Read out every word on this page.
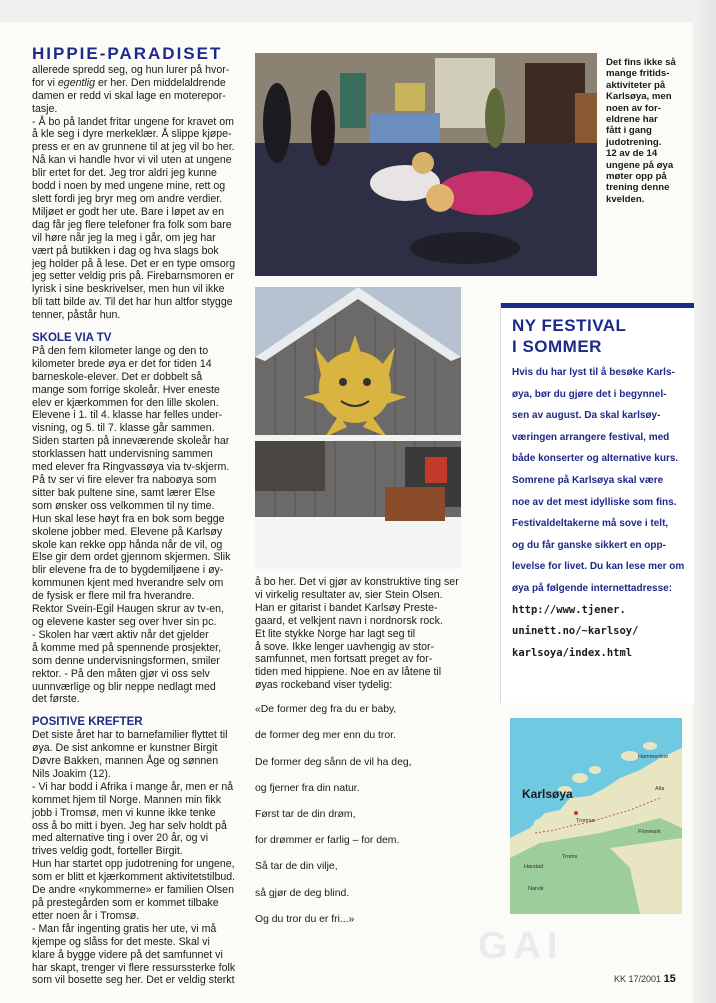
HIPPIE-PARADISET

allerede spredd seg, og hun lurer på hvor-
for vi egentlig er her. Den middelaldrende
damen er redd vi skal lage en moterepor-
tasje.

- Å bo på landet fritar ungene for kravet om
å kle seg i dyre merkeklær. Å slippe kjøpe-
press er en av grunnene til at jeg vil bo her.
Nå kan vi handle hvor vi vil uten at ungene
blir ertet for det. Jeg tror aldri jeg kunne
bodd i noen by med ungene mine, rett og
slett fordi jeg bryr meg om andre verdier.
Miljøet er godt her ute. Bare i løpet av en
dag får jeg flere telefoner fra folk som bare
vil høre når jeg la meg i går, om jeg har
vært på butikken i dag og hva slags bok
jeg holder på å lese. Det er en type omsorg
jeg setter veldig pris på. Firebarnsmoren er
lyrisk i sine beskrivelser, men hun vil ikke
bli tatt bilde av. Til det har hun altfor stygge
tenner, påstår hun.

SKOLE VIA TV

På den fem kilometer lange og den to
kilometer brede øya er det for tiden 14
barneskole-elever. Det er dobbelt så
mange som forrige skoleår. Hver eneste
elev er kjærkommen for den lille skolen.
Elevene i 1. til 4. klasse har felles under-
visning, og 5. til 7. klasse går sammen.
Siden starten på inneværende skoleår har
storklassen hatt undervisning sammen
med elever fra Ringvassøya via tv-skjerm.
På tv ser vi fire elever fra naboøya som
sitter bak pultene sine, samt lærer Else
som ønsker oss velkommen til ny time.
Hun skal lese høyt fra en bok som begge
skolene jobber med. Elevene på Karlsøy
skole kan rekke opp hånda når de vil, og
Else gir dem ordet gjennom skjermen. Slik
blir elevene fra de to bygdemiljøene i øy-
kommunen kjent med hverandre selv om
de fysisk er flere mil fra hverandre.
Rektor Svein-Egil Haugen skrur av tv-en,
og elevene kaster seg over hver sin pc.
- Skolen har vært aktiv når det gjelder
å komme med på spennende prosjekter,
som denne undervisningsformen, smiler
rektor. - På den måten gjør vi oss selv
uunnværlige og blir neppe nedlagt med
det første.

POSITIVE KREFTER

Det siste året har to barnefamilier flyttet til
øya. De sist ankomne er kunstner Birgit
Døvre Bakken, mannen Åge og sønnen
Nils Joakim (12).
- Vi har bodd i Afrika i mange år, men er nå
kommet hjem til Norge. Mannen min fikk
jobb i Tromsø, men vi kunne ikke tenke
oss å bo mitt i byen. Jeg har selv holdt på
med alternative ting i over 20 år, og vi
trives veldig godt, forteller Birgit.
Hun har startet opp judotrening for ungene,
som er blitt et kjærkomment aktivitetstilbud.
De andre «nykommerne» er familien Olsen
på prestegården som er kommet tilbake
etter noen år i Tromsø.
- Man får ingenting gratis her ute, vi må
kjempe og slåss for det meste. Skal vi
klare å bygge videre på det samfunnet vi
har skapt, trenger vi flere ressurssterke folk
som vil bosette seg her. Det er veldig sterkt

Det fins ikke så
mange fritids-
aktiviteter på
Karlsøya, men
noen av for-
eldrene har
fått i gang
judotrening.
12 av de 14
ungene på øya
møter opp på
trening denne
kvelden.

å bo her. Det vi gjør av konstruktive ting ser
vi virkelig resultater av, sier Stein Olsen.
Han er gitarist i bandet Karlsøy Preste-
gaard, et velkjent navn i nordnorsk rock.
Et lite stykke Norge har lagt seg til
å sove. Ikke lenger uavhengig av stor-
samfunnet, men fortsatt preget av for-
tiden med hippiene. Noe en av låtene til
øyas rockeband viser tydelig:

«De former deg fra du er baby,
de former deg mer enn du tror.
De former deg sånn de vil ha deg,
og fjerner fra din natur.
Først tar de din drøm,
for drømmer er farlig – for dem.
Så tar de din vilje,
så gjør de deg blind.
Og du tror du er fri...»
NY FESTIVAL
I SOMMER
Hvis du har lyst til å besøke Karls-
øya, bør du gjøre det i begynnel-
sen av august. Da skal karlsøy-
væringen arrangere festival, med
både konserter og alternative kurs.
Somrene på Karlsøya skal være
noe av det mest idylliske som fins.
Festivaldeltakerne må sove i telt,
og du får ganske sikkert en opp-
levelse for livet. Du kan lese mer om
øya på følgende internettadresse:
http://www.tjener.
uninett.no/~karlsoy/
karlsoya/index.html
Karlsøya
Hammerfest
Alta
Tromsø
Finnmark
Troms
Harstad
Narvik
GAI
KK 17/2001 15
